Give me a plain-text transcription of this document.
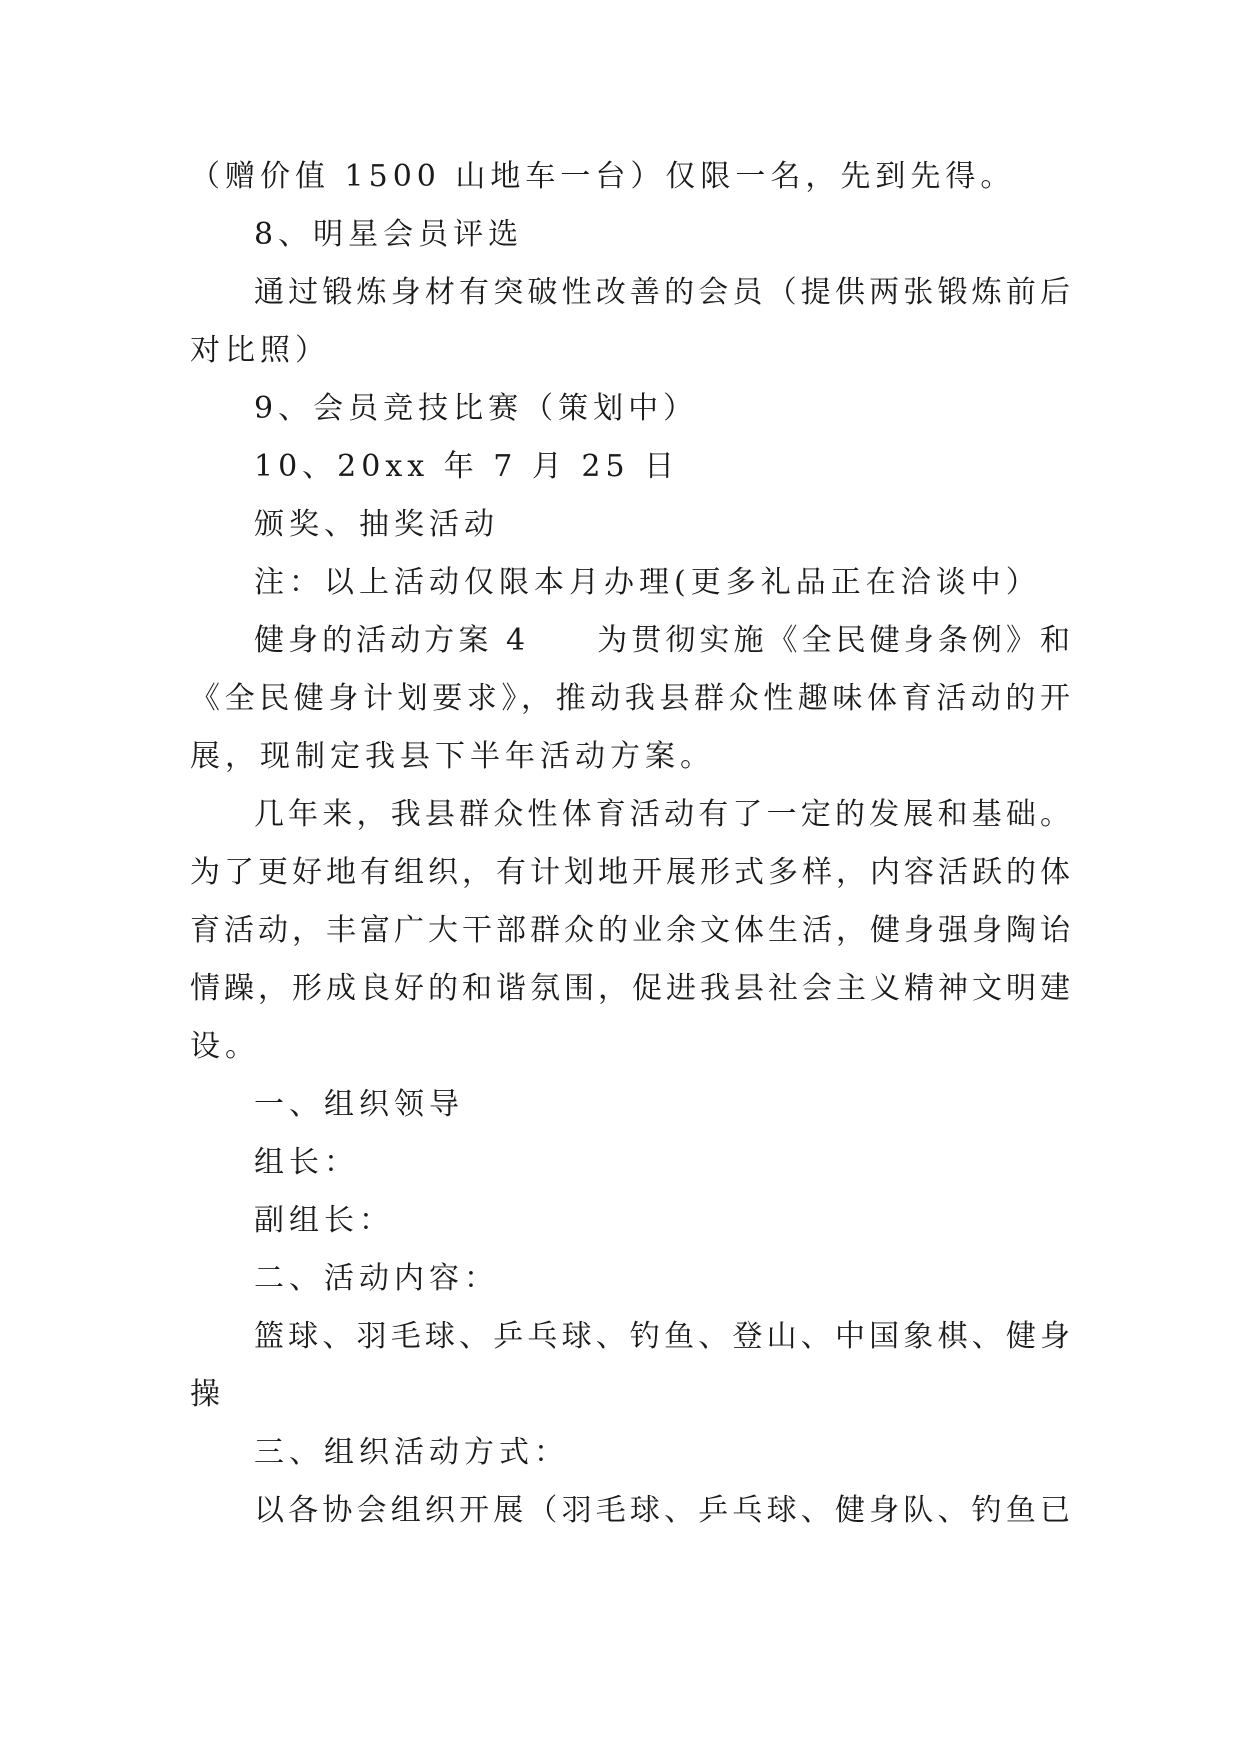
（赠价值 1500 山地车一台）仅限一名，先到先得。
8、明星会员评选
通过锻炼身材有突破性改善的会员（提供两张锻炼前后
对比照）
9、会员竞技比赛（策划中）
10、20xx 年 7 月 25 日
颁奖、抽奖活动
注：以上活动仅限本月办理(更多礼品正在洽谈中）
健身的活动方案 4　　为贯彻实施《全民健身条例》和
《全民健身计划要求》，推动我县群众性趣味体育活动的开
展，现制定我县下半年活动方案。
几年来，我县群众性体育活动有了一定的发展和基础。
为了更好地有组织，有计划地开展形式多样，内容活跃的体
育活动，丰富广大干部群众的业余文体生活，健身强身陶诒
情躁，形成良好的和谐氛围，促进我县社会主义精神文明建
设。
一、组织领导
组长：
副组长：
二、活动内容：
篮球、羽毛球、乒乓球、钓鱼、登山、中国象棋、健身
操
三、组织活动方式：
以各协会组织开展（羽毛球、乒乓球、健身队、钓鱼已
